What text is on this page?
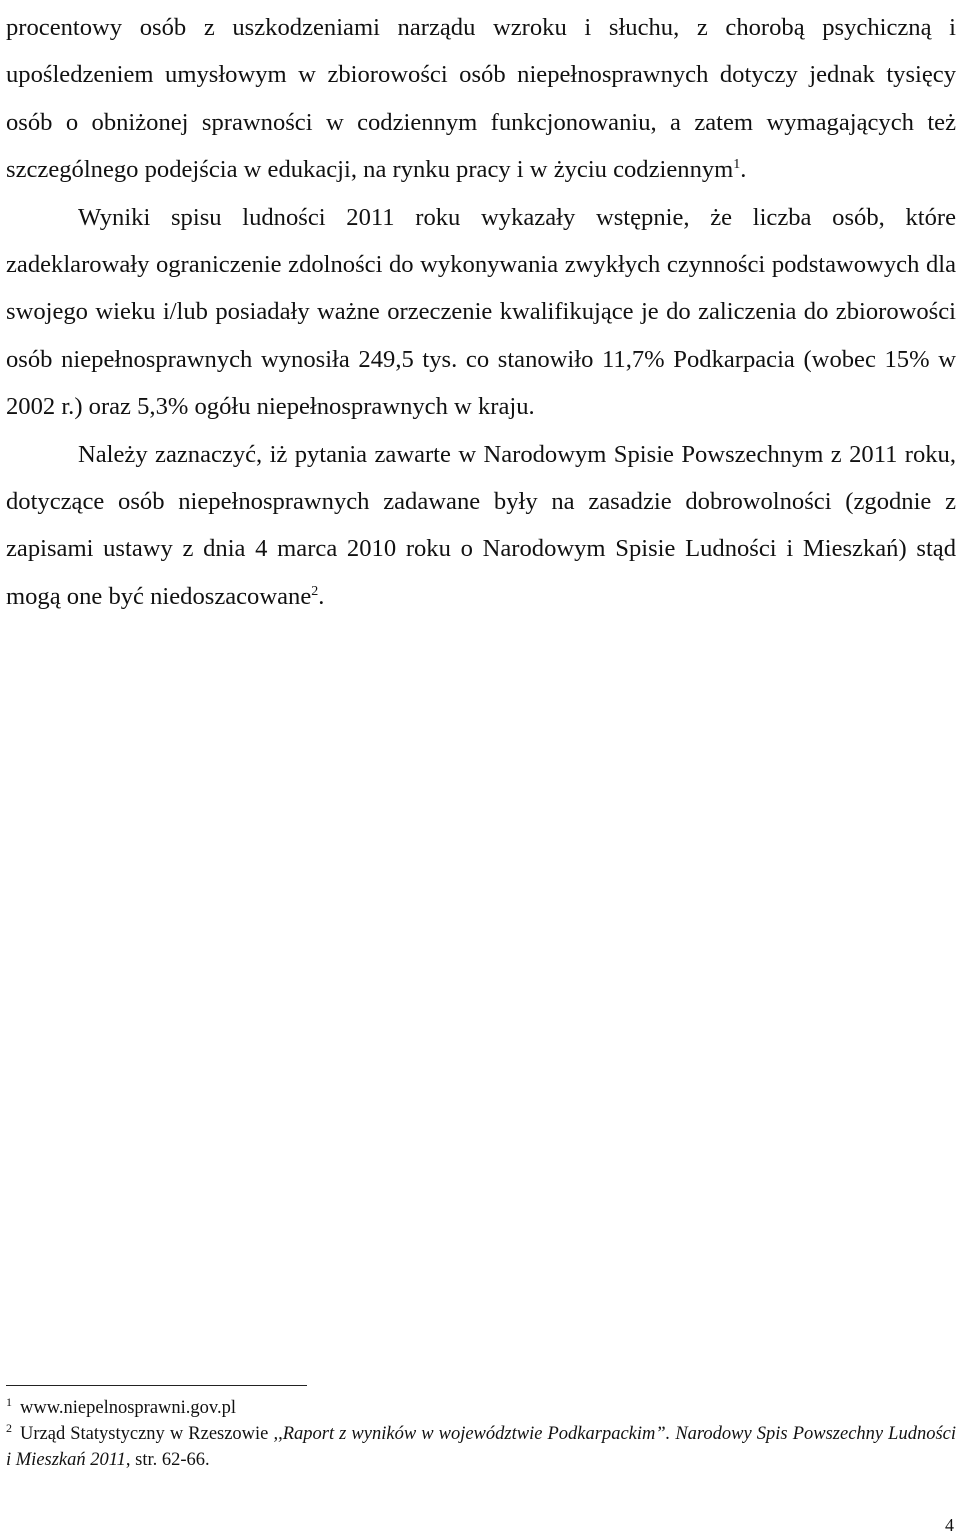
procentowy osób z uszkodzeniami narządu wzroku i słuchu, z chorobą psychiczną i upośledzeniem umysłowym w zbiorowości osób niepełnosprawnych dotyczy jednak tysięcy osób o obniżonej sprawności w codziennym funkcjonowaniu, a zatem wymagających też szczególnego podejścia w edukacji, na rynku pracy i w życiu codziennym$^1$.

Wyniki spisu ludności 2011 roku wykazały wstępnie, że liczba osób, które zadeklarowały ograniczenie zdolności do wykonywania zwykłych czynności podstawowych dla swojego wieku i/lub posiadały ważne orzeczenie kwalifikujące je do zaliczenia do zbiorowości osób niepełnosprawnych wynosiła 249,5 tys. co stanowiło 11,7% Podkarpacia (wobec 15% w 2002 r.) oraz 5,3% ogółu niepełnosprawnych w kraju.

Należy zaznaczyć, iż pytania zawarte w Narodowym Spisie Powszechnym z 2011 roku, dotyczące osób niepełnosprawnych zadawane były na zasadzie dobrowolności (zgodnie z zapisami ustawy z dnia 4 marca 2010 roku o Narodowym Spisie Ludności i Mieszkań) stąd mogą one być niedoszacowane$^2$.

$^1$ www.niepelnosprawni.gov.pl

$^2$ Urząd Statystyczny w Rzeszowie ,,Raport z wyników w województwie Podkarpackim”. Narodowy Spis Powszechny Ludności i Mieszkań 2011, str. 62-66.

4
